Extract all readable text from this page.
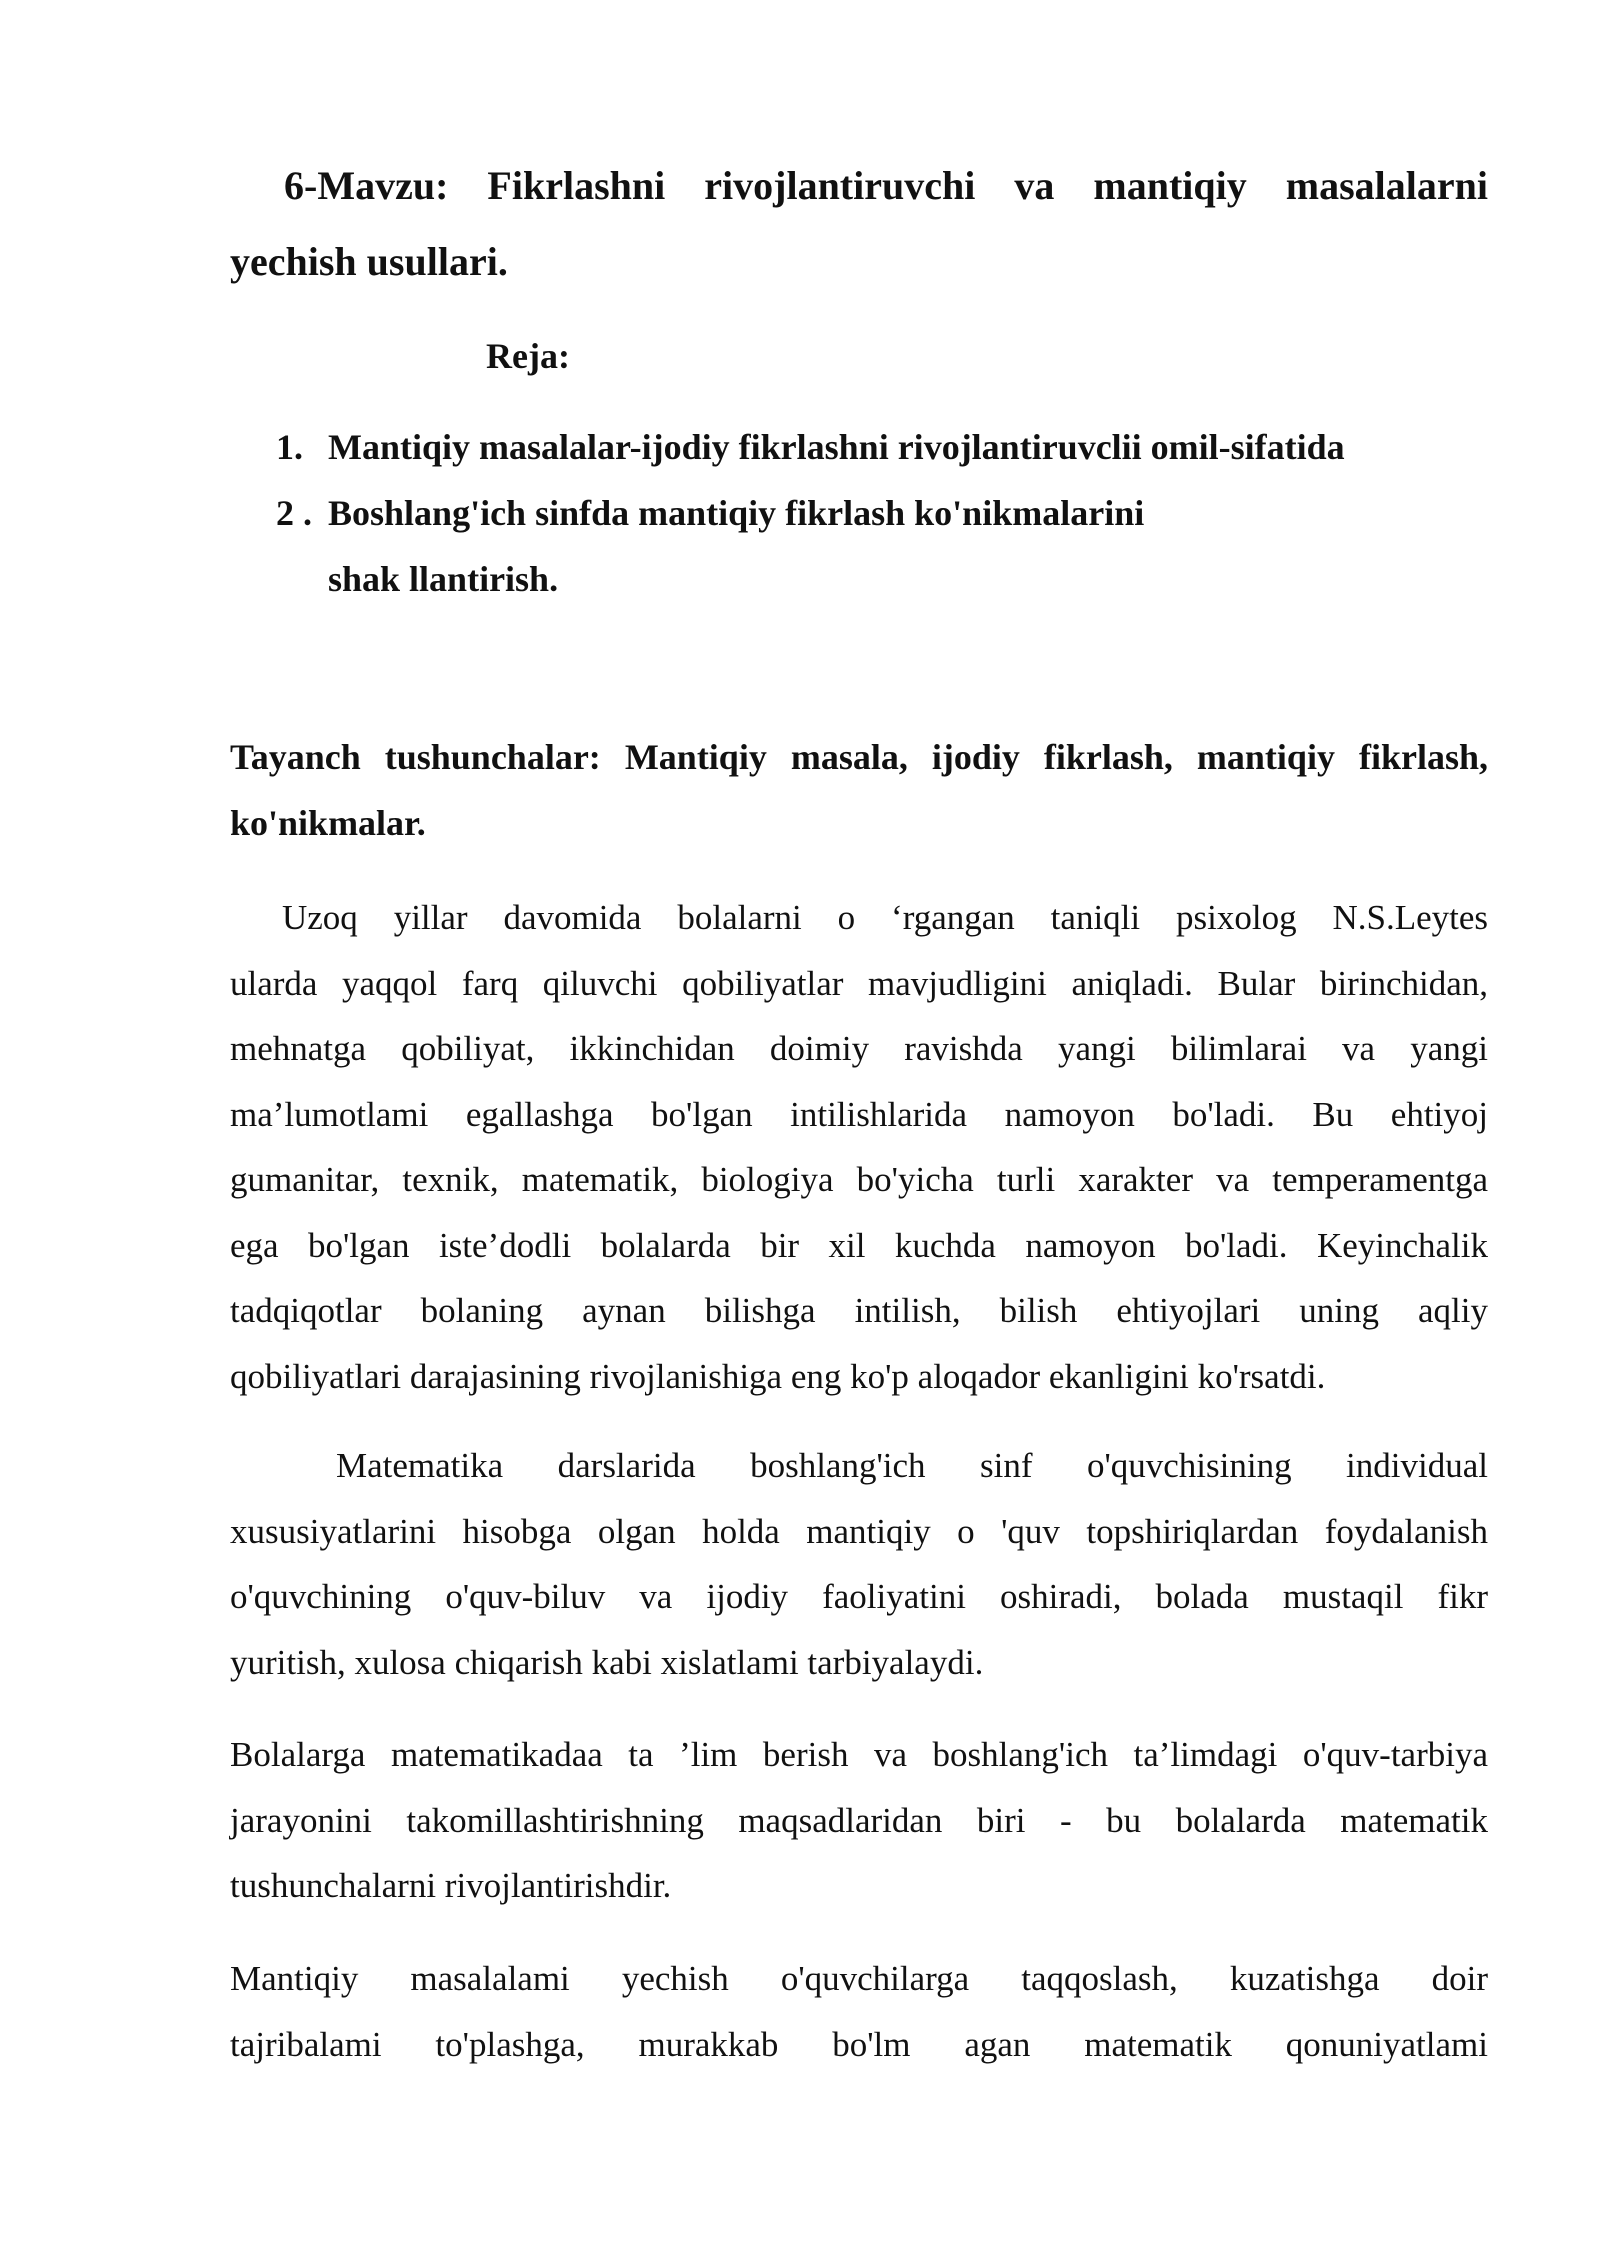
6-Mavzu: Fikrlashni rivojlantiruvchi va mantiqiy masalalarni
yechish usullari.
Reja:
1. Mantiqiy masalalar-ijodiy fikrlashni rivojlantiruvclii omil-sifatida
2 . Boshlang'ich sinfda mantiqiy fikrlash ko'nikmalarini
shak llantirish.
Tayanch tushunchalar: Mantiqiy masala, ijodiy fikrlash, mantiqiy fikrlash,
ko'nikmalar.
Uzoq yillar davomida bolalarni o ‘rgangan taniqli psixolog N.S.Leytes
ularda yaqqol farq qiluvchi qobiliyatlar mavjudligini aniqladi. Bular birinchidan,
mehnatga qobiliyat, ikkinchidan doimiy ravishda yangi bilimlarai va yangi
ma’lumotlami egallashga bo'lgan intilishlarida namoyon bo'ladi. Bu ehtiyoj
gumanitar, texnik, matematik, biologiya bo'yicha turli xarakter va temperamentga
ega bo'lgan iste’dodli bolalarda bir xil kuchda namoyon bo'ladi. Keyinchalik
tadqiqotlar bolaning aynan bilishga intilish, bilish ehtiyojlari uning aqliy
qobiliyatlari darajasining rivojlanishiga eng ko'p aloqador ekanligini ko'rsatdi.
Matematika darslarida boshlang'ich sinf o'quvchisining individual
xususiyatlarini hisobga olgan holda mantiqiy o 'quv topshiriqlardan foydalanish
o'quvchining o'quv-biluv va ijodiy faoliyatini oshiradi, bolada mustaqil fikr
yuritish, xulosa chiqarish kabi xislatlami tarbiyalaydi.
Bolalarga matematikadaa ta ’lim berish va boshlang'ich ta’limdagi o'quv-tarbiya
jarayonini takomillashtirishning maqsadlaridan biri - bu bolalarda matematik
tushunchalarni rivojlantirishdir.
Mantiqiy masalalami yechish o'quvchilarga taqqoslash, kuzatishga doir
tajribalami to'plashga, murakkab bo'lm agan matematik qonuniyatlami
